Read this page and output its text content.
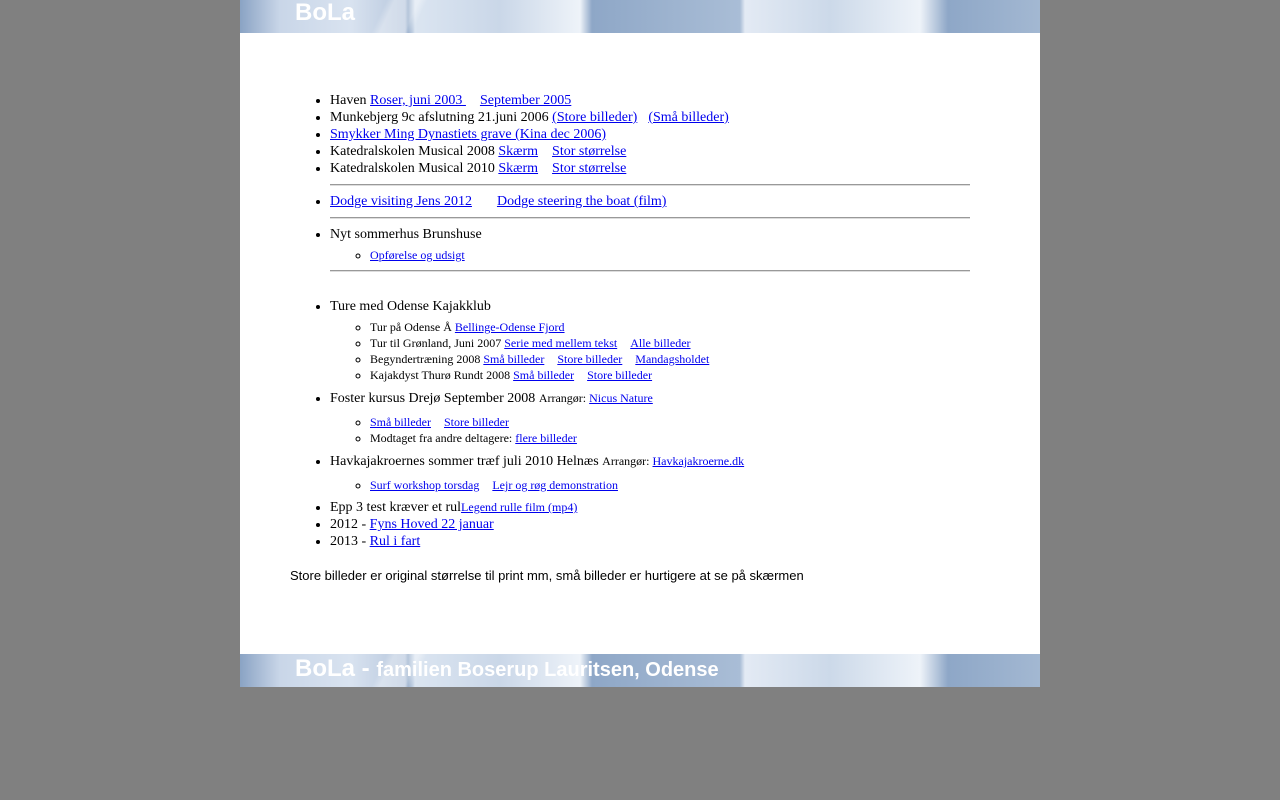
BoLa
• Haven Roser, juni 2003 September 2005
• Munkebjerg 9c afslutning 21.juni 2006 (Store billeder) (Små billeder)
• Smykker Ming Dynastiets grave (Kina dec 2006)
• Katedralskolen Musical 2008 Skærm Stor størrelse
• Katedralskolen Musical 2010 Skærm Stor størrelse
• Dodge visiting Jens 2012 Dodge steering the boat (film)
• Nyt sommerhus Brunshuse
◦ Opførelse og udsigt
• Ture med Odense Kajakklub
◦ Tur på Odense Å Bellinge-Odense Fjord
◦ Tur til Grønland, Juni 2007 Serie med mellem tekst Alle billeder
◦ Begyndertræning 2008 Små billeder Store billeder Mandagsholdet
◦ Kajakdyst Thurø Rundt 2008 Små billeder Store billeder
• Foster kursus Drejø September 2008 Arrangør: Nicus Nature
◦ Små billeder Store billeder
◦ Modtaget fra andre deltagere: flere billeder
• Havkajakroernes sommer træf juli 2010 Helnæs Arrangør: Havkajakroerne.dk
◦ Surf workshop torsdag Lejr og røg demonstration
• Epp 3 test kræver et rulLegend rulle film (mp4)
• 2012 - Fyns Hoved 22 januar
• 2013 - Rul i fart
Store billeder er original størrelse til print mm, små billeder er hurtigere at se på skærmen
BoLa - familien Boserup Lauritsen, Odense
